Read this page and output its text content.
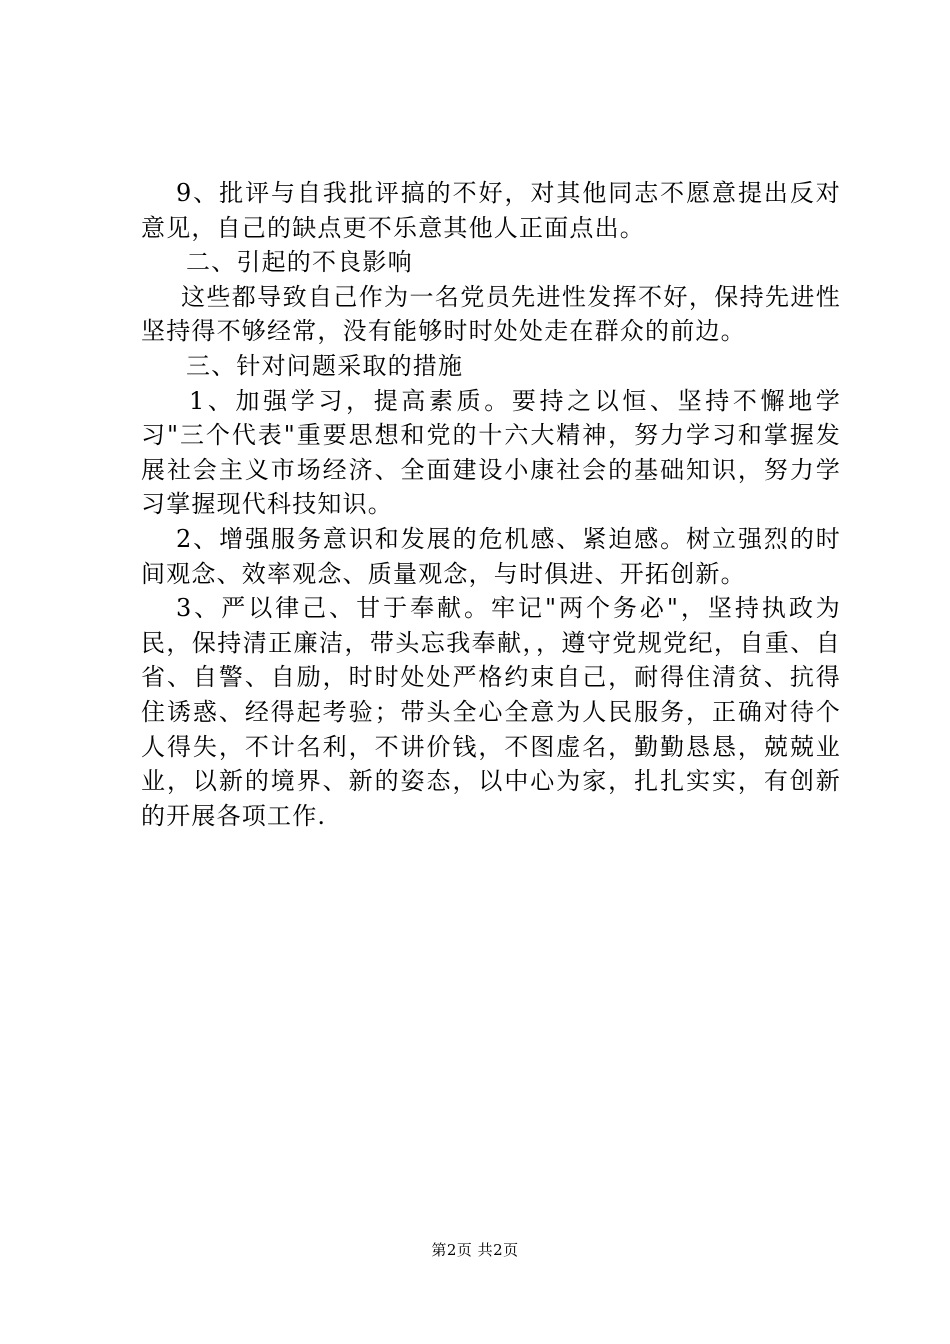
9、批评与自我批评搞的不好，对其他同志不愿意提出反对意见，自己的缺点更不乐意其他人正面点出。

二、引起的不良影响

这些都导致自己作为一名党员先进性发挥不好，保持先进性坚持得不够经常，没有能够时时处处走在群众的前边。

三、针对问题采取的措施

1、加强学习，提高素质。要持之以恒、坚持不懈地学习"三个代表"重要思想和党的十六大精神，努力学习和掌握发展社会主义市场经济、全面建设小康社会的基础知识，努力学习掌握现代科技知识。

2、增强服务意识和发展的危机感、紧迫感。树立强烈的时间观念、效率观念、质量观念，与时俱进、开拓创新。

3、严以律己、甘于奉献。牢记"两个务必"，坚持执政为民，保持清正廉洁，带头忘我奉献，，遵守党规党纪，自重、自省、自警、自励，时时处处严格约束自己，耐得住清贫、抗得住诱惑、经得起考验；带头全心全意为人民服务，正确对待个人得失，不计名利，不讲价钱，不图虚名，勤勤恳恳，兢兢业业，以新的境界、新的姿态，以中心为家，扎扎实实，有创新的开展各项工作.

第2页 共2页
